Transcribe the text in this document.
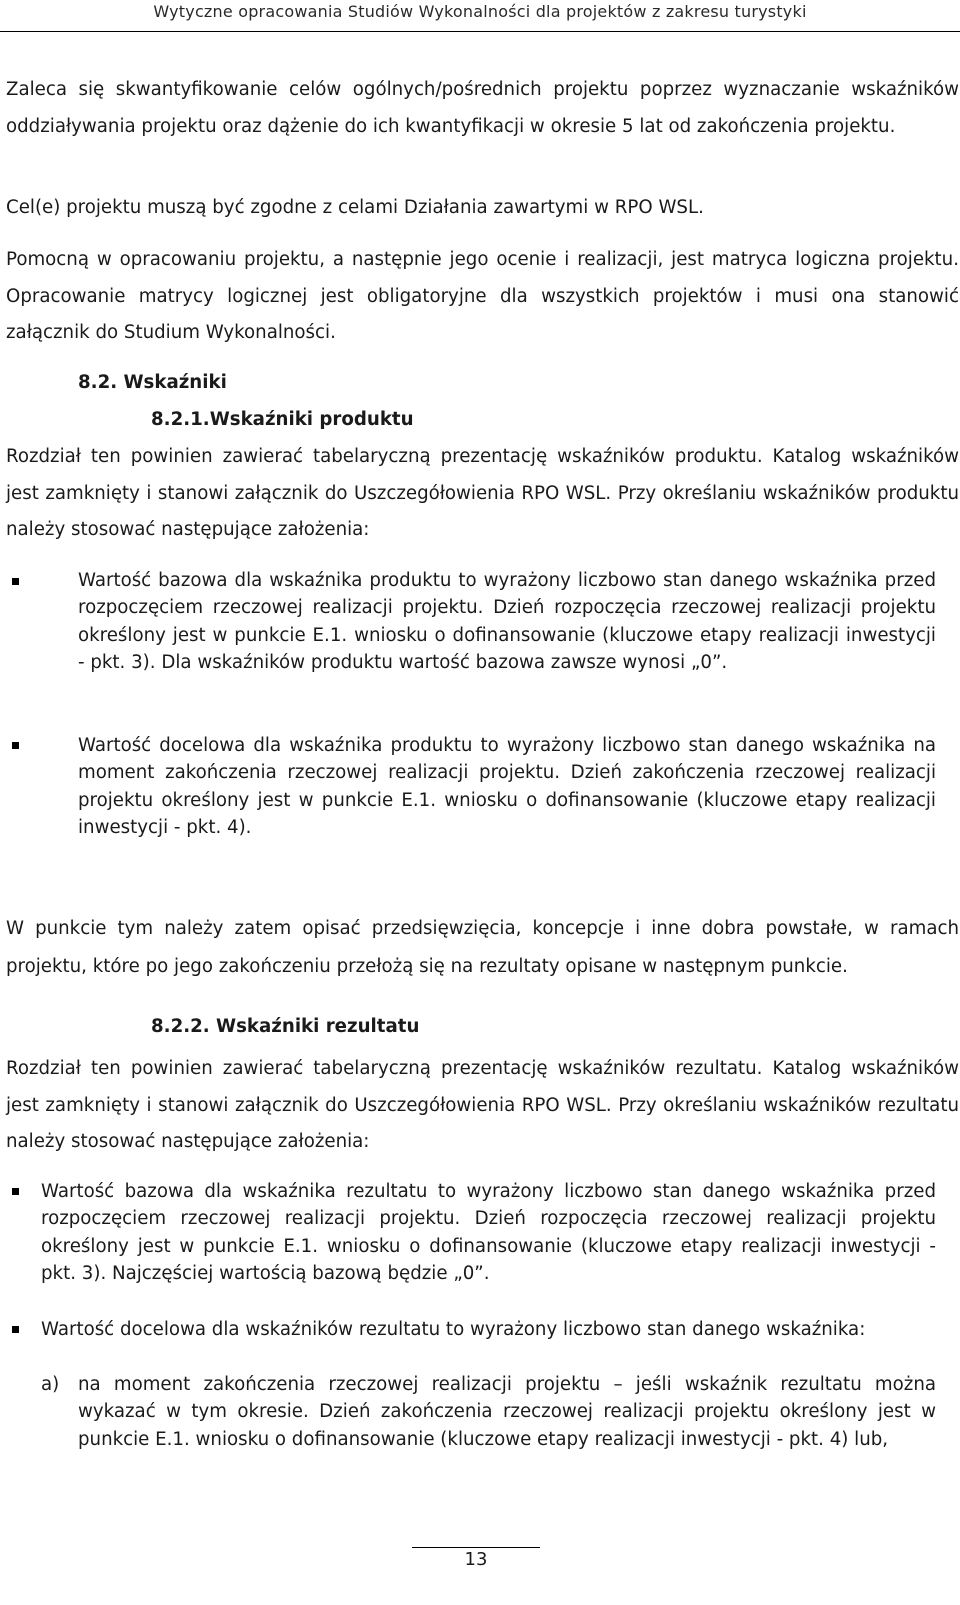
Wytyczne opracowania Studiów Wykonalności dla projektów z zakresu turystyki
Zaleca się skwantyfikowanie celów ogólnych/pośrednich projektu poprzez wyznaczanie wskaźników oddziaływania projektu oraz dążenie do ich kwantyfikacji w okresie 5 lat od zakończenia projektu.
Cel(e) projektu muszą być zgodne z celami Działania zawartymi w RPO WSL.
Pomocną w opracowaniu projektu, a następnie jego ocenie i realizacji, jest matryca logiczna projektu. Opracowanie matrycy logicznej jest obligatoryjne dla wszystkich projektów i musi ona stanowić załącznik do Studium Wykonalności.
8.2. Wskaźniki
8.2.1.Wskaźniki produktu
Rozdział ten powinien zawierać tabelaryczną prezentację wskaźników produktu. Katalog wskaźników jest zamknięty i stanowi załącznik do Uszczegółowienia RPO WSL. Przy określaniu wskaźników produktu należy stosować następujące założenia:
Wartość bazowa dla wskaźnika produktu to wyrażony liczbowo stan danego wskaźnika przed rozpoczęciem rzeczowej realizacji projektu. Dzień rozpoczęcia rzeczowej realizacji projektu określony jest w punkcie E.1. wniosku o dofinansowanie (kluczowe etapy realizacji inwestycji - pkt. 3). Dla wskaźników produktu wartość bazowa zawsze wynosi „0”.
Wartość docelowa dla wskaźnika produktu to wyrażony liczbowo stan danego wskaźnika na moment zakończenia rzeczowej realizacji projektu. Dzień zakończenia rzeczowej realizacji projektu określony jest w punkcie E.1. wniosku o dofinansowanie (kluczowe etapy realizacji inwestycji - pkt. 4).
W punkcie tym należy zatem opisać przedsięwzięcia, koncepcje i inne dobra powstałe, w ramach projektu, które po jego zakończeniu przełożą się na rezultaty opisane w następnym punkcie.
8.2.2. Wskaźniki rezultatu
Rozdział ten powinien zawierać tabelaryczną prezentację wskaźników rezultatu. Katalog wskaźników jest zamknięty i stanowi załącznik do Uszczegółowienia RPO WSL. Przy określaniu wskaźników rezultatu należy stosować następujące założenia:
Wartość bazowa dla wskaźnika rezultatu to wyrażony liczbowo stan danego wskaźnika przed rozpoczęciem rzeczowej realizacji projektu. Dzień rozpoczęcia rzeczowej realizacji projektu określony jest w punkcie E.1. wniosku o dofinansowanie (kluczowe etapy realizacji inwestycji - pkt. 3). Najczęściej wartością bazową będzie „0”.
Wartość docelowa dla wskaźników rezultatu to wyrażony liczbowo stan danego wskaźnika:
a) na moment zakończenia rzeczowej realizacji projektu – jeśli wskaźnik rezultatu można wykazać w tym okresie. Dzień zakończenia rzeczowej realizacji projektu określony jest w punkcie E.1. wniosku o dofinansowanie (kluczowe etapy realizacji inwestycji - pkt. 4) lub,
13
